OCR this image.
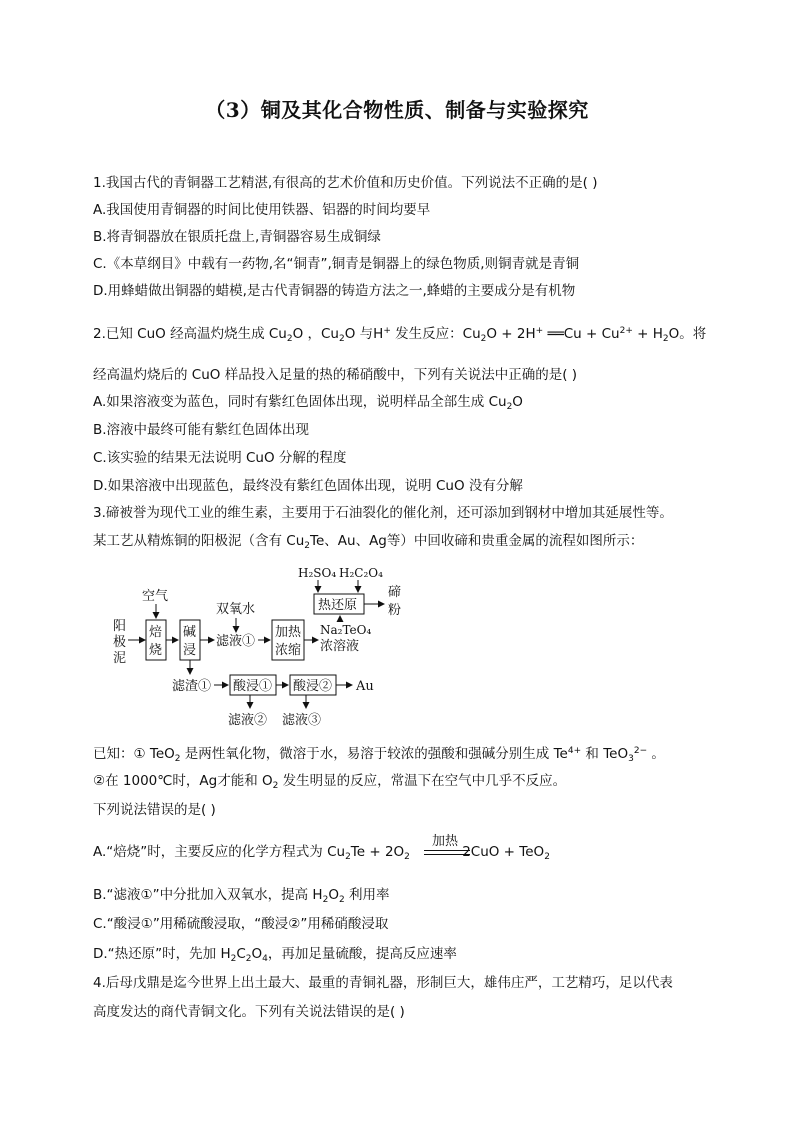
（3）铜及其化合物性质、制备与实验探究
1.我国古代的青铜器工艺精湛,有很高的艺术价值和历史价值。下列说法不正确的是( )
A.我国使用青铜器的时间比使用铁器、铝器的时间均要早
B.将青铜器放在银质托盘上,青铜器容易生成铜绿
C.《本草纲目》中载有一药物,名“铜青”,铜青是铜器上的绿色物质,则铜青就是青铜
D.用蜂蜡做出铜器的蜡模,是古代青铜器的铸造方法之一,蜂蜡的主要成分是有机物
2.已知 CuO 经高温灼烧生成 $Cu_2O$ ，$Cu_2O$ 与H+ 发生反应：$Cu_2O + 2H^+$ ══Cu + $Cu^{2+} + H_2O$。将
经高温灼烧后的 CuO 样品投入足量的热的稀硝酸中，下列有关说法中正确的是( )
A.如果溶液变为蓝色，同时有紫红色固体出现，说明样品全部生成 $Cu_2O$
B.溶液中最终可能有紫红色固体出现
C.该实验的结果无法说明 CuO 分解的程度
D.如果溶液中出现蓝色，最终没有紫红色固体出现，说明 CuO 没有分解
3.碲被誉为现代工业的维生素，主要用于石油裂化的催化剂，还可添加到钢材中增加其延展性等。
某工艺从精炼铜的阳极泥（含有 $Cu_2Te$、Au、Ag等）中回收碲和贵重金属的流程如图所示：
H₂SO₄ H₂C₂O₄
热还原
碲
粉
空气
阳
极
泥
焙
烧
碱
浸
双氧水
滤液①
加热
浓缩
Na₂TeO₄
浓溶液
滤渣① 酸浸① 酸浸② Au
滤液② 滤液③
已知：① TeO$_2$ 是两性氧化物，微溶于水，易溶于较浓的强酸和强碱分别生成 $Te^{4+}$ 和 TeO$_3^{2-}$ 。
②在 1000℃时，Ag才能和 $O_2$ 发生明显的反应，常温下在空气中几乎不反应。
下列说法错误的是( )
加热
A.“焙烧”时，主要反应的化学方程式为 $Cu_2Te + 2O_2$	2CuO + TeO$_2$
B.“滤液①”中分批加入双氧水，提高 $H_2O_2$ 利用率
C.“酸浸①”用稀硫酸浸取，“酸浸②”用稀硝酸浸取
D.“热还原”时，先加 $H_2C_2O_4$，再加足量硫酸，提高反应速率
4.后母戊鼎是迄今世界上出土最大、最重的青铜礼器，形制巨大，雄伟庄严，工艺精巧，足以代表
高度发达的商代青铜文化。下列有关说法错误的是( )
